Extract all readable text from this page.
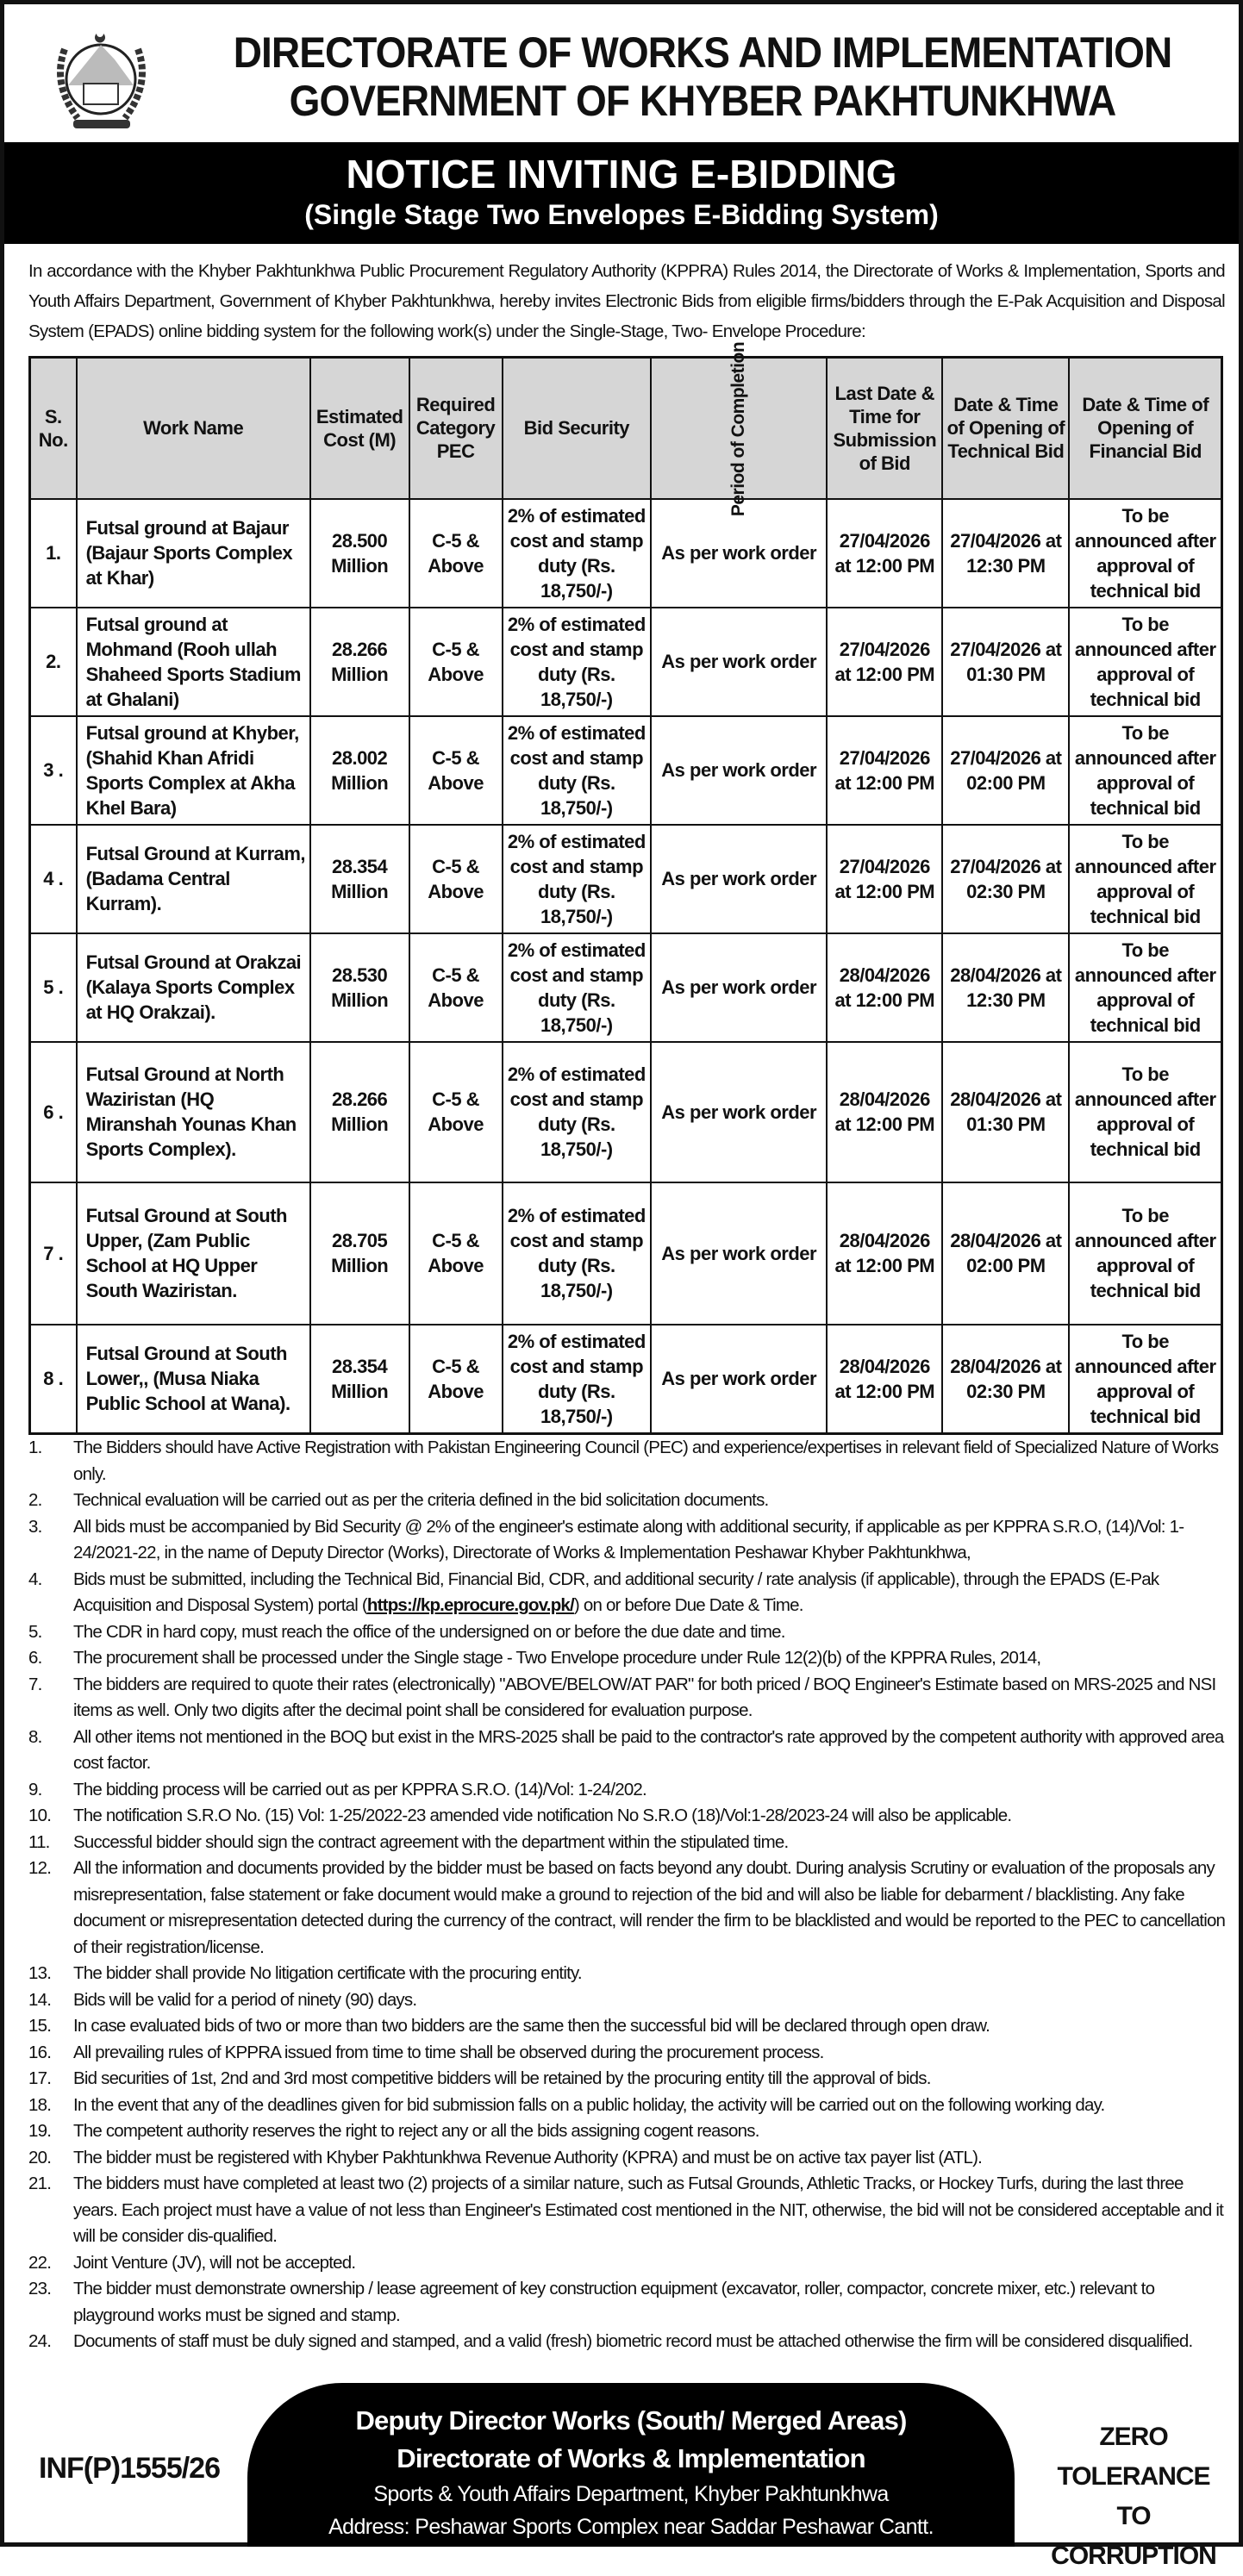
DIRECTORATE OF WORKS AND IMPLEMENTATION
GOVERNMENT OF KHYBER PAKHTUNKHWA
NOTICE INVITING E-BIDDING
(Single Stage Two Envelopes E-Bidding System)

In accordance with the Khyber Pakhtunkhwa Public Procurement Regulatory Authority (KPPRA) Rules 2014, the Directorate of Works & Implementation, Sports and Youth Affairs Department, Government of Khyber Pakhtunkhwa, hereby invites Electronic Bids from eligible firms/bidders through the E-Pak Acquisition and Disposal System (EPADS) online bidding system for the following work(s) under the Single-Stage, Two- Envelope Procedure:

S. No.	Work Name	Estimated Cost (M)	Required Category PEC	Bid Security	Period of Completion	Last Date & Time for Submission of Bid	Date & Time of Opening of Technical Bid	Date & Time of Opening of Financial Bid
1.	Futsal ground at Bajaur (Bajaur Sports Complex at Khar)	28.500 Million	C-5 & Above	2% of estimated cost and stamp duty (Rs. 18,750/-)	As per work order	27/04/2026 at 12:00 PM	27/04/2026 at 12:30 PM	To be announced after approval of technical bid
2.	Futsal ground at Mohmand (Rooh ullah Shaheed Sports Stadium at Ghalani)	28.266 Million	C-5 & Above	2% of estimated cost and stamp duty (Rs. 18,750/-)	As per work order	27/04/2026 at 12:00 PM	27/04/2026 at 01:30 PM	To be announced after approval of technical bid
3 .	Futsal ground at Khyber, (Shahid Khan Afridi Sports Complex at Akha Khel Bara)	28.002 Million	C-5 & Above	2% of estimated cost and stamp duty (Rs. 18,750/-)	As per work order	27/04/2026 at 12:00 PM	27/04/2026 at 02:00 PM	To be announced after approval of technical bid
4 .	Futsal Ground at Kurram, (Badama Central Kurram).	28.354 Million	C-5 & Above	2% of estimated cost and stamp duty (Rs. 18,750/-)	As per work order	27/04/2026 at 12:00 PM	27/04/2026 at 02:30 PM	To be announced after approval of technical bid
5 .	Futsal Ground at Orakzai (Kalaya Sports Complex at HQ Orakzai).	28.530 Million	C-5 & Above	2% of estimated cost and stamp duty (Rs. 18,750/-)	As per work order	28/04/2026 at 12:00 PM	28/04/2026 at 12:30 PM	To be announced after approval of technical bid
6 .	Futsal Ground at North Waziristan (HQ Miranshah Younas Khan Sports Complex).	28.266 Million	C-5 & Above	2% of estimated cost and stamp duty (Rs. 18,750/-)	As per work order	28/04/2026 at 12:00 PM	28/04/2026 at 01:30 PM	To be announced after approval of technical bid
7 .	Futsal Ground at South Upper, (Zam Public School at HQ Upper South Waziristan.	28.705 Million	C-5 & Above	2% of estimated cost and stamp duty (Rs. 18,750/-)	As per work order	28/04/2026 at 12:00 PM	28/04/2026 at 02:00 PM	To be announced after approval of technical bid
8 .	Futsal Ground at South Lower,, (Musa Niaka Public School at Wana).	28.354 Million	C-5 & Above	2% of estimated cost and stamp duty (Rs. 18,750/-)	As per work order	28/04/2026 at 12:00 PM	28/04/2026 at 02:30 PM	To be announced after approval of technical bid
1.	The Bidders should have Active Registration with Pakistan Engineering Council (PEC) and experience/expertises in relevant field of Specialized Nature of Works only.
2.	Technical evaluation will be carried out as per the criteria defined in the bid solicitation documents.
3.	All bids must be accompanied by Bid Security @ 2% of the engineer's estimate along with additional security, if applicable as per KPPRA S.R.O, (14)/Vol: 1-24/2021-22, in the name of Deputy Director (Works), Directorate of Works & Implementation Peshawar Khyber Pakhtunkhwa,
4.	Bids must be submitted, including the Technical Bid, Financial Bid, CDR, and additional security / rate analysis (if applicable), through the EPADS (E-Pak Acquisition and Disposal System) portal (https://kp.eprocure.gov.pk/) on or before Due Date & Time.
5.	The CDR in hard copy, must reach the office of the undersigned on or before the due date and time.
6.	The procurement shall be processed under the Single stage - Two Envelope procedure under Rule 12(2)(b) of the KPPRA Rules, 2014,
7.	The bidders are required to quote their rates (electronically) "ABOVE/BELOW/AT PAR" for both priced / BOQ Engineer's Estimate based on MRS-2025 and NSI items as well. Only two digits after the decimal point shall be considered for evaluation purpose.
8.	All other items not mentioned in the BOQ but exist in the MRS-2025 shall be paid to the contractor's rate approved by the competent authority with approved area cost factor.
9.	The bidding process will be carried out as per KPPRA S.R.O. (14)/Vol: 1-24/202.
10.	The notification S.R.O No. (15) Vol: 1-25/2022-23 amended vide notification No S.R.O (18)/Vol:1-28/2023-24 will also be applicable.
11.	Successful bidder should sign the contract agreement with the department within the stipulated time.
12.	All the information and documents provided by the bidder must be based on facts beyond any doubt. During analysis Scrutiny or evaluation of the proposals any misrepresentation, false statement or fake document would make a ground to rejection of the bid and will also be liable for debarment / blacklisting. Any fake document or misrepresentation detected during the currency of the contract, will render the firm to be blacklisted and would be reported to the PEC to cancellation of their registration/license.
13.	The bidder shall provide No litigation certificate with the procuring entity.
14.	Bids will be valid for a period of ninety (90) days.
15.	In case evaluated bids of two or more than two bidders are the same then the successful bid will be declared through open draw.
16.	All prevailing rules of KPPRA issued from time to time shall be observed during the procurement process.
17.	Bid securities of 1st, 2nd and 3rd most competitive bidders will be retained by the procuring entity till the approval of bids.
18.	In the event that any of the deadlines given for bid submission falls on a public holiday, the activity will be carried out on the following working day.
19.	The competent authority reserves the right to reject any or all the bids assigning cogent reasons.
20.	The bidder must be registered with Khyber Pakhtunkhwa Revenue Authority (KPRA) and must be on active tax payer list (ATL).
21.	The bidders must have completed at least two (2) projects of a similar nature, such as Futsal Grounds, Athletic Tracks, or Hockey Turfs, during the last three years. Each project must have a value of not less than Engineer's Estimated cost mentioned in the NIT, otherwise, the bid will not be considered acceptable and it will be consider dis-qualified.
22.	Joint Venture (JV), will not be accepted.
23.	The bidder must demonstrate ownership / lease agreement of key construction equipment (excavator, roller, compactor, concrete mixer, etc.) relevant to playground works must be signed and stamp.
24.	Documents of staff must be duly signed and stamped, and a valid (fresh) biometric record must be attached otherwise the firm will be considered disqualified.
INF(P)1555/26
Deputy Director Works (South/ Merged Areas)
Directorate of Works & Implementation
Sports & Youth Affairs Department, Khyber Pakhtunkhwa
Address: Peshawar Sports Complex near Saddar Peshawar Cantt.
ZERO
TOLERANCE
TO CORRUPTION
